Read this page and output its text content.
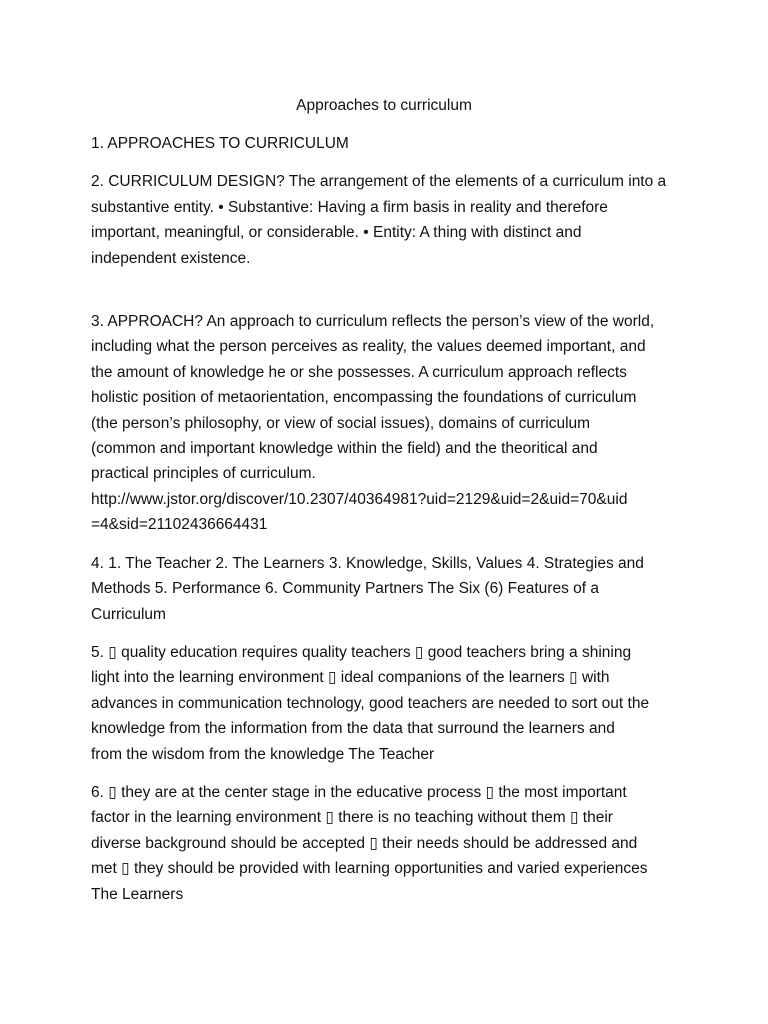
Approaches to curriculum
1. APPROACHES TO CURRICULUM
2. CURRICULUM DESIGN? The arrangement of the elements of a curriculum into a
substantive entity. • Substantive: Having a firm basis in reality and therefore
important, meaningful, or considerable. • Entity: A thing with distinct and
independent existence.
3. APPROACH? An approach to curriculum reflects the person’s view of the world,
including what the person perceives as reality, the values deemed important, and
the amount of knowledge he or she possesses. A curriculum approach reflects
holistic position of metaorientation, encompassing the foundations of curriculum
(the person’s philosophy, or view of social issues), domains of curriculum
(common and important knowledge within the field) and the theoritical and
practical principles of curriculum.
http://www.jstor.org/discover/10.2307/40364981?uid=2129&uid=2&uid=70&uid
=4&sid=21102436664431
4. 1. The Teacher 2. The Learners 3. Knowledge, Skills, Values 4. Strategies and
Methods 5. Performance 6. Community Partners The Six (6) Features of a
Curriculum
5. ▯ quality education requires quality teachers ▯ good teachers bring a shining
light into the learning environment ▯ ideal companions of the learners ▯ with
advances in communication technology, good teachers are needed to sort out the
knowledge from the information from the data that surround the learners and
from the wisdom from the knowledge The Teacher
6. ▯ they are at the center stage in the educative process ▯ the most important
factor in the learning environment ▯ there is no teaching without them ▯ their
diverse background should be accepted ▯ their needs should be addressed and
met ▯ they should be provided with learning opportunities and varied experiences
The Learners
